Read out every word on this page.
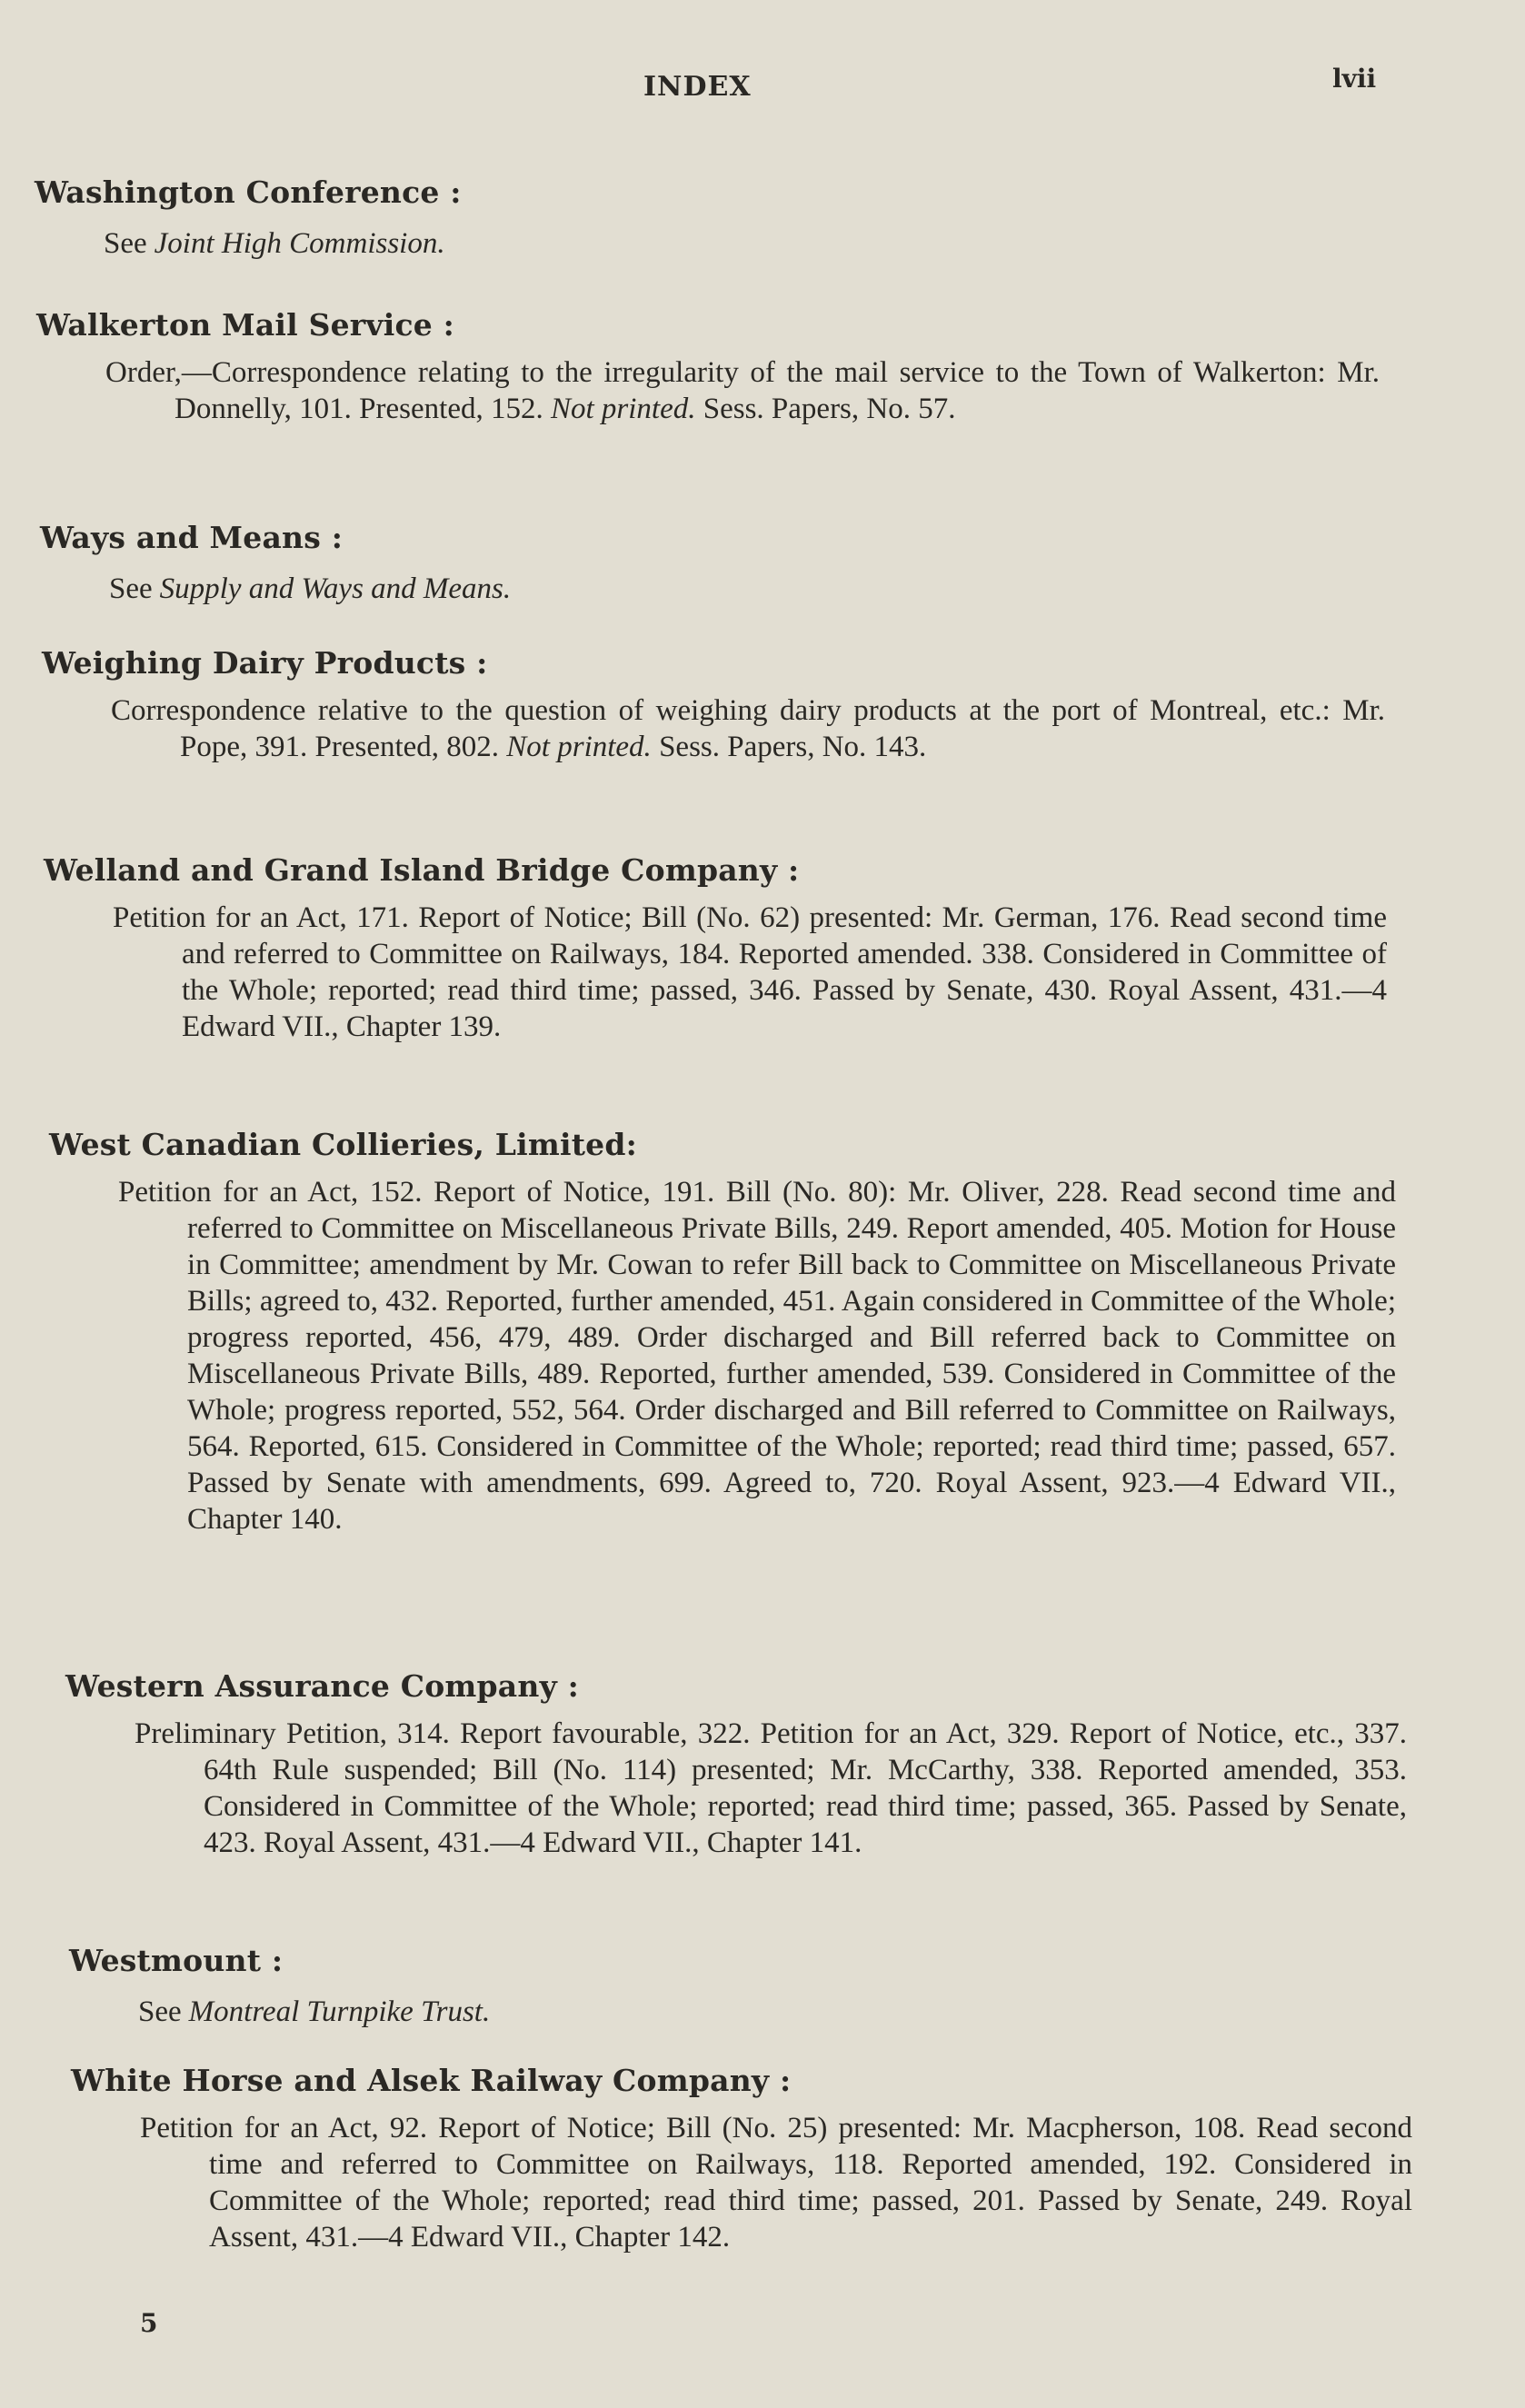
INDEX	lvii
Washington Conference :
See Joint High Commission.
Walkerton Mail Service :
Order,—Correspondence relating to the irregularity of the mail service to the Town of Walkerton: Mr. Donnelly, 101. Presented, 152. Not printed. Sess. Papers, No. 57.
Ways and Means :
See Supply and Ways and Means.
Weighing Dairy Products :
Correspondence relative to the question of weighing dairy products at the port of Montreal, etc.: Mr. Pope, 391. Presented, 802. Not printed. Sess. Papers, No. 143.
Welland and Grand Island Bridge Company :
Petition for an Act, 171. Report of Notice; Bill (No. 62) presented: Mr. German, 176. Read second time and referred to Committee on Railways, 184. Reported amended. 338. Considered in Committee of the Whole; reported; read third time; passed, 346. Passed by Senate, 430. Royal Assent, 431.—4 Edward VII., Chapter 139.
West Canadian Collieries, Limited:
Petition for an Act, 152. Report of Notice, 191. Bill (No. 80): Mr. Oliver, 228. Read second time and referred to Committee on Miscellaneous Private Bills, 249. Report amended, 405. Motion for House in Committee; amendment by Mr. Cowan to refer Bill back to Committee on Miscellaneous Private Bills; agreed to, 432. Reported, further amended, 451. Again considered in Committee of the Whole; progress reported, 456, 479, 489. Order discharged and Bill referred back to Committee on Miscellaneous Private Bills, 489. Reported, further amended, 539. Considered in Committee of the Whole; progress reported, 552, 564. Order discharged and Bill referred to Committee on Railways, 564. Reported, 615. Considered in Committee of the Whole; reported; read third time; passed, 657. Passed by Senate with amendments, 699. Agreed to, 720. Royal Assent, 923.—4 Edward VII., Chapter 140.
Western Assurance Company :
Preliminary Petition, 314. Report favourable, 322. Petition for an Act, 329. Report of Notice, etc., 337. 64th Rule suspended; Bill (No. 114) presented; Mr. McCarthy, 338. Reported amended, 353. Considered in Committee of the Whole; reported; read third time; passed, 365. Passed by Senate, 423. Royal Assent, 431.—4 Edward VII., Chapter 141.
Westmount :
See Montreal Turnpike Trust.
White Horse and Alsek Railway Company :
Petition for an Act, 92. Report of Notice; Bill (No. 25) presented: Mr. Macpherson, 108. Read second time and referred to Committee on Railways, 118. Reported amended, 192. Considered in Committee of the Whole; reported; read third time; passed, 201. Passed by Senate, 249. Royal Assent, 431.—4 Edward VII., Chapter 142.
5
